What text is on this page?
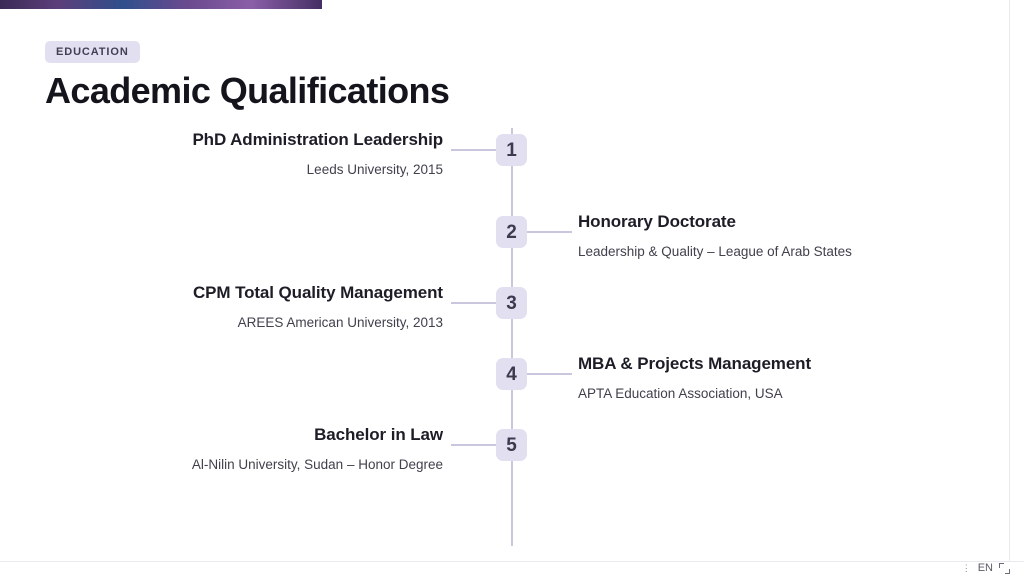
EDUCATION
Academic Qualifications
1
PhD Administration Leadership
Leeds University, 2015
2	Honorary Doctorate
Leadership & Quality – League of Arab States
3
CPM Total Quality Management
AREES American University, 2013
4	MBA & Projects Management
APTA Education Association, USA
5
Bachelor in Law
Al-Nilin University, Sudan – Honor Degree
⋮ EN
